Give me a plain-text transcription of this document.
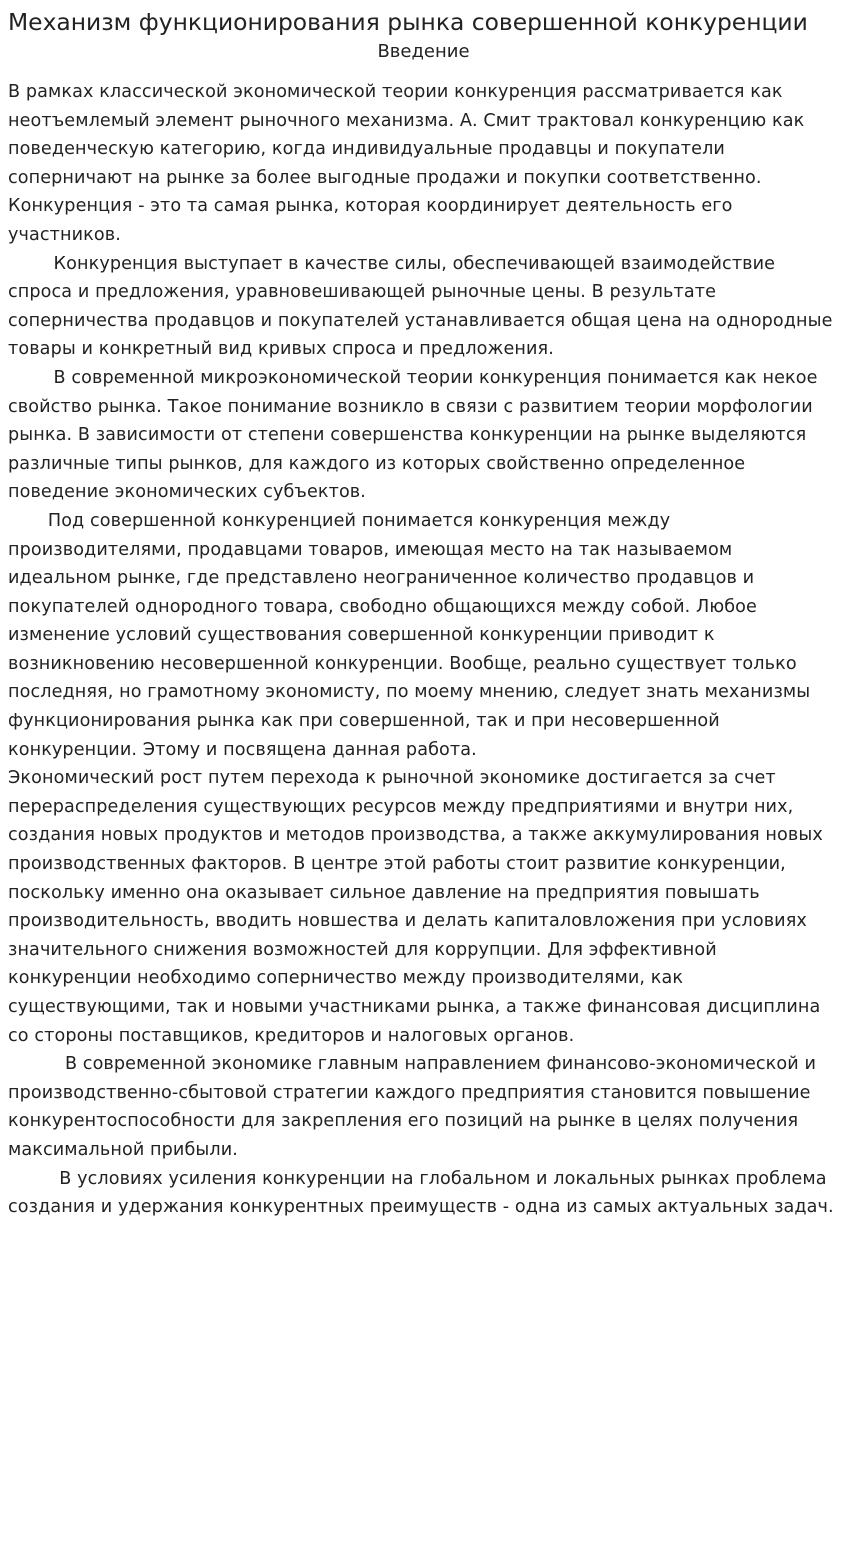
Механизм функционирования рынка совершенной конкуренции
Введение

В рамках классической экономической теории конкуренция рассматривается как неотъемлемый элемент рыночного механизма. А. Смит трактовал конкуренцию как поведенческую категорию, когда индивидуальные продавцы и покупатели соперничают на рынке за более выгодные продажи и покупки соответственно. Конкуренция - это та самая рынка, которая координирует деятельность его участников.

Конкуренция выступает в качестве силы, обеспечивающей взаимодействие спроса и предложения, уравновешивающей рыночные цены. В результате соперничества продавцов и покупателей устанавливается общая цена на однородные товары и конкретный вид кривых спроса и предложения.

В современной микроэкономической теории конкуренция понимается как некое свойство рынка. Такое понимание возникло в связи с развитием теории морфологии рынка. В зависимости от степени совершенства конкуренции на рынке выделяются различные типы рынков, для каждого из которых свойственно определенное поведение экономических субъектов.

Под совершенной конкуренцией понимается конкуренция между производителями, продавцами товаров, имеющая место на так называемом идеальном рынке, где представлено неограниченное количество продавцов и покупателей однородного товара, свободно общающихся между собой. Любое изменение условий существования совершенной конкуренции приводит к возникновению несовершенной конкуренции. Вообще, реально существует только последняя, но грамотному экономисту, по моему мнению, следует знать механизмы функционирования рынка как при совершенной, так и при несовершенной конкуренции. Этому и посвящена данная работа.

Экономический рост путем перехода к рыночной экономике достигается за счет перераспределения существующих ресурсов между предприятиями и внутри них, создания новых продуктов и методов производства, а также аккумулирования новых производственных факторов. В центре этой работы стоит развитие конкуренции, поскольку именно она оказывает сильное давление на предприятия повышать производительность, вводить новшества и делать капиталовложения при условиях значительного снижения возможностей для коррупции. Для эффективной конкуренции необходимо соперничество между производителями, как существующими, так и новыми участниками рынка, а также финансовая дисциплина со стороны поставщиков, кредиторов и налоговых органов.

В современной экономике главным направлением финансово-экономической и производственно-сбытовой стратегии каждого предприятия становится повышение конкурентоспособности для закрепления его позиций на рынке в целях получения максимальной прибыли.

В условиях усиления конкуренции на глобальном и локальных рынках проблема создания и удержания конкурентных преимуществ - одна из самых актуальных задач.
